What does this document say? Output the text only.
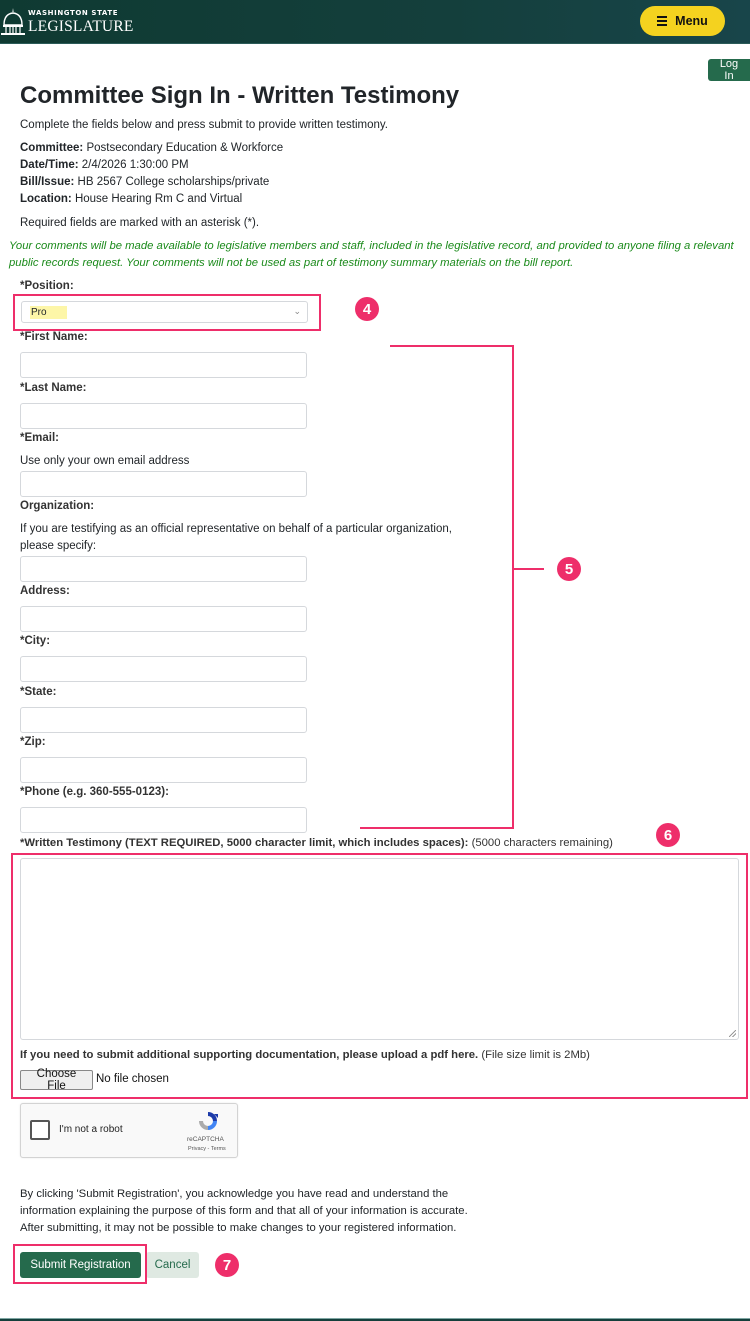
WASHINGTON STATE
LEGISLATURE	Menu
Log In
Committee Sign In - Written Testimony
Complete the fields below and press submit to provide written testimony.
Committee: Postsecondary Education & Workforce
Date/Time: 2/4/2026 1:30:00 PM
Bill/Issue: HB 2567 College scholarships/private
Location: House Hearing Rm C and Virtual
Required fields are marked with an asterisk (*).
Your comments will be made available to legislative members and staff, included in the legislative record, and provided to anyone filing a relevant public records request. Your comments will not be used as part of testimony summary materials on the bill report.
*Position:
Pro	⌄	4
*First Name:
*Last Name:
*Email:
Use only your own email address
Organization:
If you are testifying as an official representative on behalf of a particular organization,
please specify:
Address:
*City:
*State:
*Zip:
*Phone (e.g. 360-555-0123):
5
*Written Testimony (TEXT REQUIRED, 5000 character limit, which includes spaces): (5000 characters remaining)	6
If you need to submit additional supporting documentation, please upload a pdf here. (File size limit is 2Mb)
Choose File
No file chosen
I'm not a robot
reCAPTCHA
Privacy - Terms
By clicking 'Submit Registration', you acknowledge you have read and understand the
information explaining the purpose of this form and that all of your information is accurate.
After submitting, it may not be possible to make changes to your registered information.
Submit Registration	Cancel	7
